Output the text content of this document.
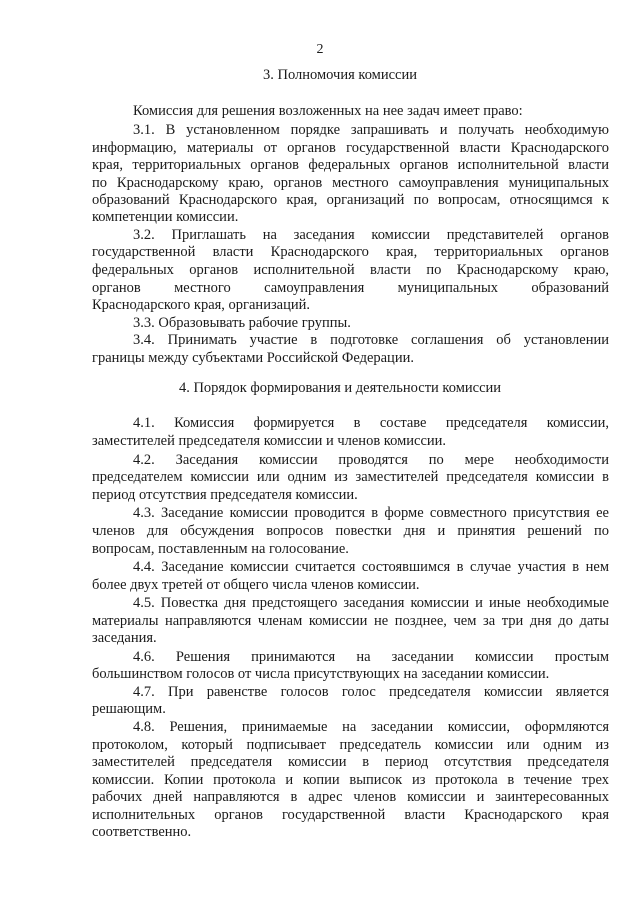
2
3. Полномочия комиссии
Комиссия для решения возложенных на нее задач имеет право:
3.1. В установленном порядке запрашивать и получать необходимую
информацию, материалы от органов государственной власти Краснодарского
края, территориальных органов федеральных органов исполнительной власти
по Краснодарскому краю, органов местного самоуправления муниципальных
образований Краснодарского края, организаций по вопросам, относящимся к
компетенции комиссии.
3.2. Приглашать на заседания комиссии представителей органов
государственной власти Краснодарского края, территориальных органов
федеральных органов исполнительной власти по Краснодарскому краю,
органов местного самоуправления муниципальных образований
Краснодарского края, организаций.
3.3. Образовывать рабочие группы.
3.4. Принимать участие в подготовке соглашения об установлении
границы между субъектами Российской Федерации.
4. Порядок формирования и деятельности комиссии
4.1. Комиссия формируется в составе председателя комиссии,
заместителей председателя комиссии и членов комиссии.
4.2. Заседания комиссии проводятся по мере необходимости
председателем комиссии или одним из заместителей председателя комиссии в
период отсутствия председателя комиссии.
4.3. Заседание комиссии проводится в форме совместного присутствия ее
членов для обсуждения вопросов повестки дня и принятия решений по
вопросам, поставленным на голосование.
4.4. Заседание комиссии считается состоявшимся в случае участия в нем
более двух третей от общего числа членов комиссии.
4.5. Повестка дня предстоящего заседания комиссии и иные необходимые
материалы направляются членам комиссии не позднее, чем за три дня до даты
заседания.
4.6. Решения принимаются на заседании комиссии простым
большинством голосов от числа присутствующих на заседании комиссии.
4.7. При равенстве голосов голос председателя комиссии является
решающим.
4.8. Решения, принимаемые на заседании комиссии, оформляются
протоколом, который подписывает председатель комиссии или одним из
заместителей председателя комиссии в период отсутствия председателя
комиссии. Копии протокола и копии выписок из протокола в течение трех
рабочих дней направляются в адрес членов комиссии и заинтересованных
исполнительных органов государственной власти Краснодарского края
соответственно.
